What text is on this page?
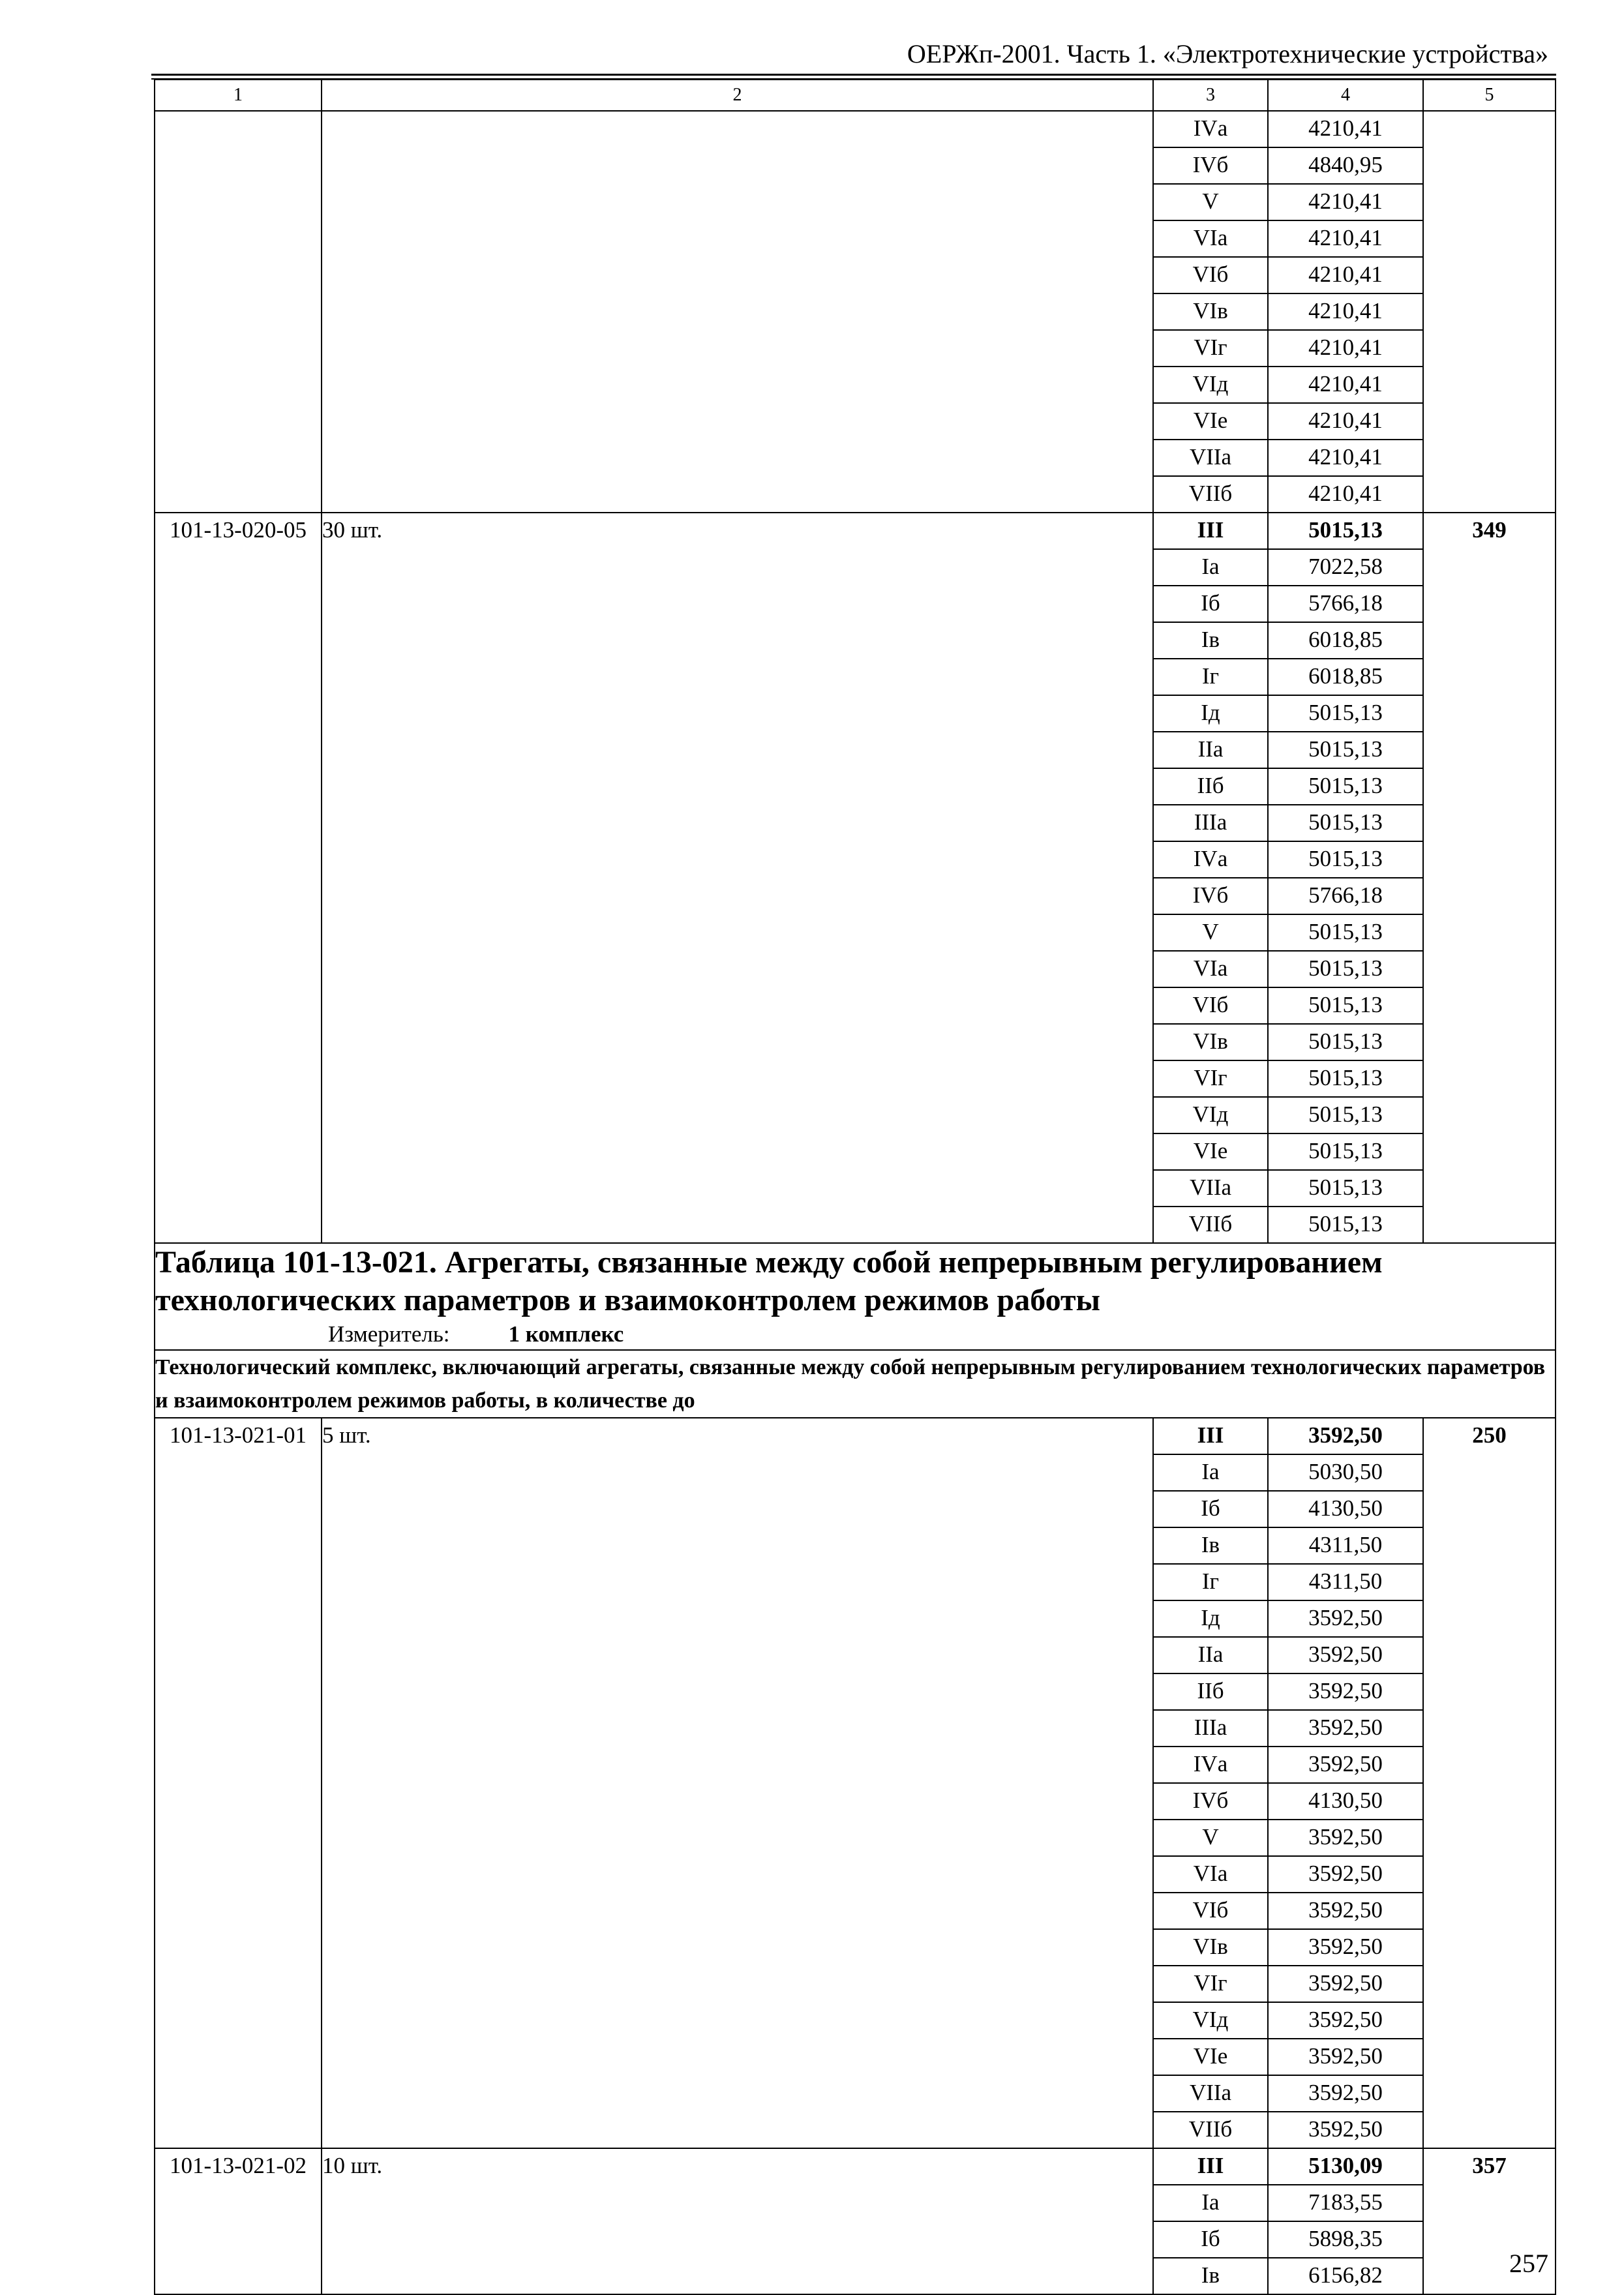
ОЕРЖп-2001. Часть 1. «Электротехнические устройства»
1	2	3	4	5
		IVа	4210,41	
		IVб	4840,95	
		V	4210,41	
		VIа	4210,41	
		VIб	4210,41	
		VIв	4210,41	
		VIг	4210,41	
		VIд	4210,41	
		VIе	4210,41	
		VIIа	4210,41	
		VIIб	4210,41	
101-13-020-05	30 шт.	III	5015,13	349
		Iа	7022,58	
		Iб	5766,18	
		Iв	6018,85	
		Iг	6018,85	
		Iд	5015,13	
		IIа	5015,13	
		IIб	5015,13	
		IIIа	5015,13	
		IVа	5015,13	
		IVб	5766,18	
		V	5015,13	
		VIа	5015,13	
		VIб	5015,13	
		VIв	5015,13	
		VIг	5015,13	
		VIд	5015,13	
		VIе	5015,13	
		VIIа	5015,13	
		VIIб	5015,13	

Таблица 101-13-021. Агрегаты, связанные между собой непрерывным регулированием технологических параметров и взаимоконтролем режимов работы
Измеритель: 1 комплекс				

Технологический комплекс, включающий агрегаты, связанные между собой непрерывным регулированием технологических параметров и взаимоконтролем режимов работы, в количестве до				
101-13-021-01	5 шт.	III	3592,50	250
		Iа	5030,50	
		Iб	4130,50	
		Iв	4311,50	
		Iг	4311,50	
		Iд	3592,50	
		IIа	3592,50	
		IIб	3592,50	
		IIIа	3592,50	
		IVа	3592,50	
		IVб	4130,50	
		V	3592,50	
		VIа	3592,50	
		VIб	3592,50	
		VIв	3592,50	
		VIг	3592,50	
		VIд	3592,50	
		VIе	3592,50	
		VIIа	3592,50	
		VIIб	3592,50	
101-13-021-02	10 шт.	III	5130,09	357
		Iа	7183,55	
		Iб	5898,35	
		Iв	6156,82		257
